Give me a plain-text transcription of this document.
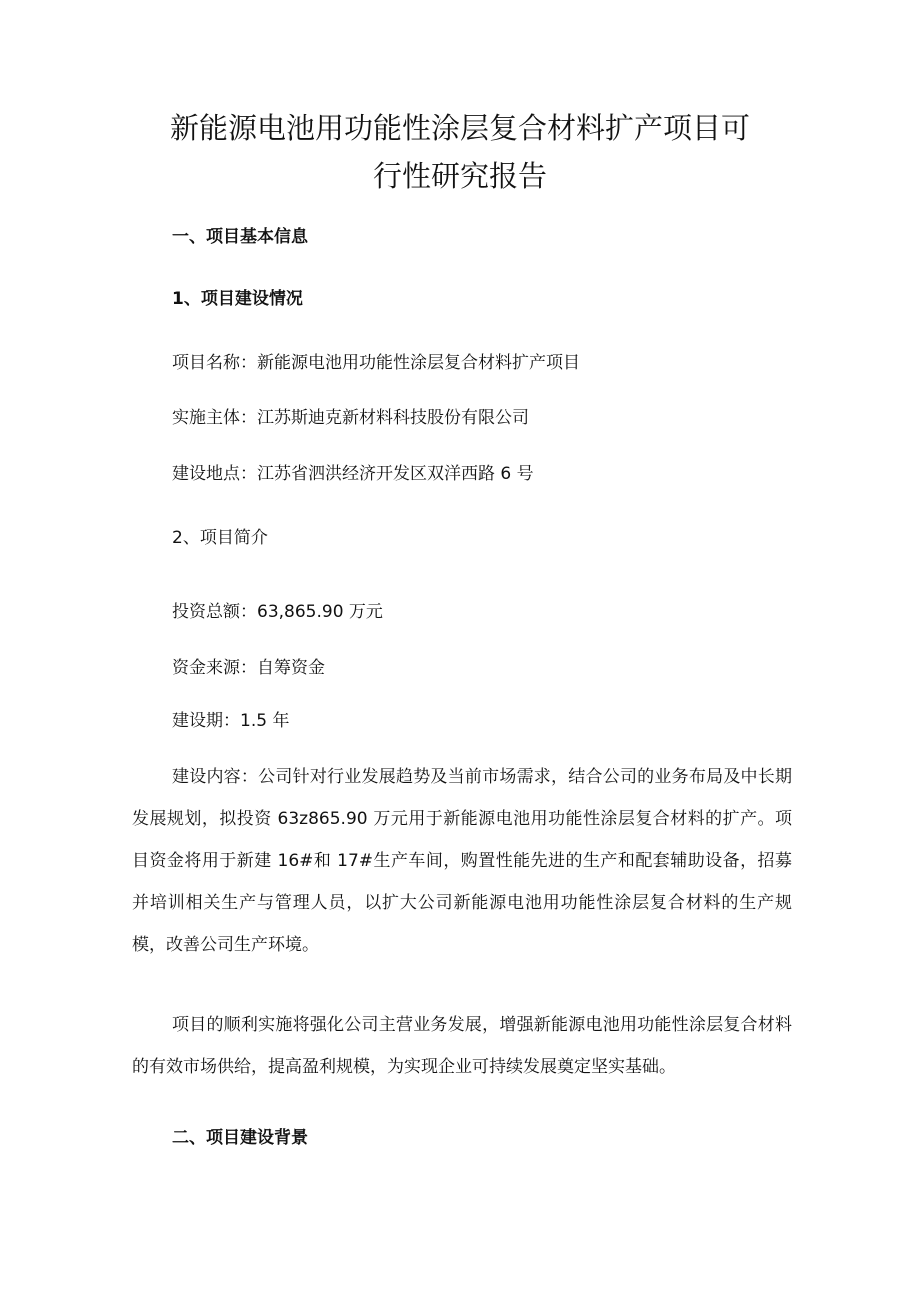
新能源电池用功能性涂层复合材料扩产项目可
行性研究报告
一、项目基本信息
1、项目建设情况

项目名称：新能源电池用功能性涂层复合材料扩产项目

实施主体：江苏斯迪克新材料科技股份有限公司

建设地点：江苏省泗洪经济开发区双洋西路 6 号

2、项目简介

投资总额：63,865.90 万元

资金来源：自筹资金

建设期：1.5 年

建设内容：公司针对行业发展趋势及当前市场需求，结合公司的业务布局及中长期发展规划，拟投资 63z865.90 万元用于新能源电池用功能性涂层复合材料的扩产。项目资金将用于新建 16#和 17#生产车间，购置性能先进的生产和配套辅助设备，招募并培训相关生产与管理人员，以扩大公司新能源电池用功能性涂层复合材料的生产规模，改善公司生产环境。

项目的顺利实施将强化公司主营业务发展，增强新能源电池用功能性涂层复合材料的有效市场供给，提高盈利规模，为实现企业可持续发展奠定坚实基础。

二、项目建设背景
